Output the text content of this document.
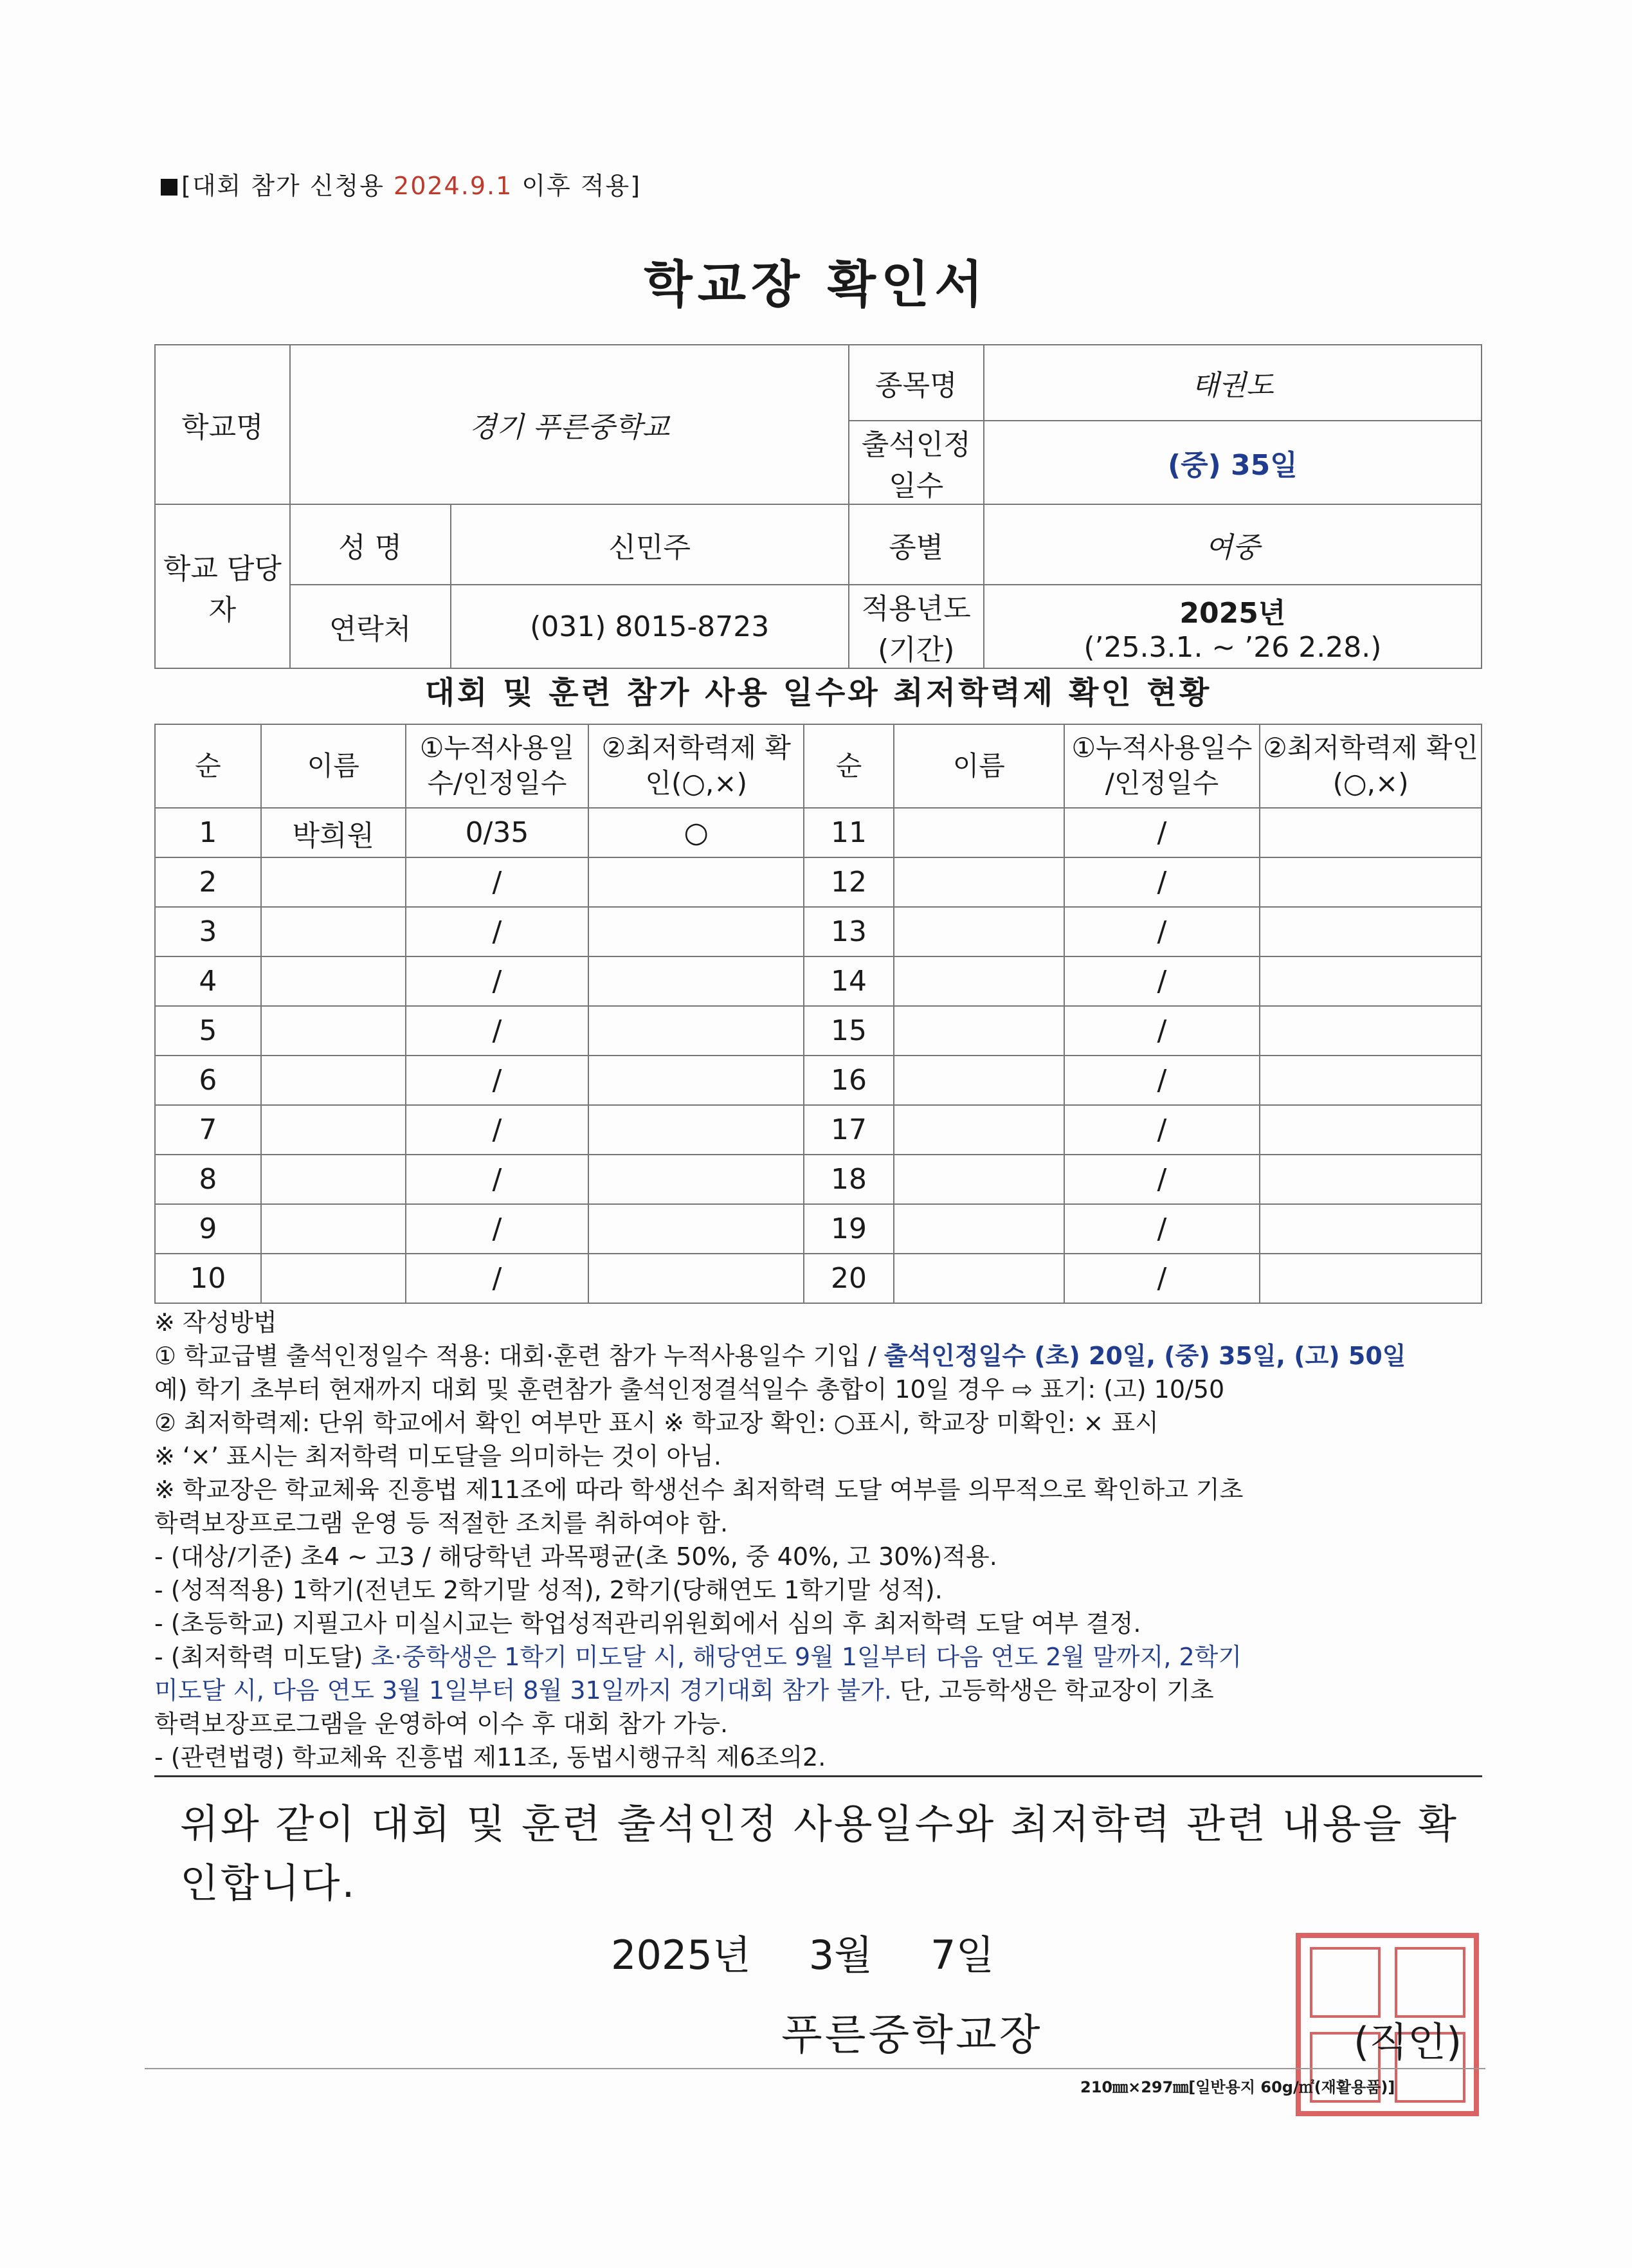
[대회 참가 신청용 2024.9.1 이후 적용]
학교장 확인서
학교명	경기 푸른중학교		종목명	태권도
			출석인정 일수	(중) 35일
학교 담당자	성 명	신민주	종별	여중
	연락처	(031) 8015-8723	적용년도 (기간)	2025년
(’25.3.1. ~ ’26 2.28.)
대회 및 훈련 참가 사용 일수와 최저학력제 확인 현황
순	이름	①누적사용일 수/인정일수	②최저학력제 확인(○,×)	순	이름	①누적사용일수 /인정일수	②최저학력제 확인(○,×)
1	박희원	0/35	○	11		/	
2		/		12		/	
3		/		13		/	
4		/		14		/	
5		/		15		/	
6		/		16		/	
7		/		17		/	
8		/		18		/	
9		/		19		/	
10		/		20		/	
※ 작성방법
① 학교급별 출석인정일수 적용: 대회·훈련 참가 누적사용일수 기입 / 출석인정일수 (초) 20일, (중) 35일, (고) 50일
예) 학기 초부터 현재까지 대회 및 훈련참가 출석인정결석일수 총합이 10일 경우 ⇨ 표기: (고) 10/50
② 최저학력제: 단위 학교에서 확인 여부만 표시 ※ 학교장 확인: ○표시, 학교장 미확인: × 표시
※ ‘×’ 표시는 최저학력 미도달을 의미하는 것이 아님.
※ 학교장은 학교체육 진흥법 제11조에 따라 학생선수 최저학력 도달 여부를 의무적으로 확인하고 기초
학력보장프로그램 운영 등 적절한 조치를 취하여야 함.
- (대상/기준) 초4 ~ 고3 / 해당학년 과목평균(초 50%, 중 40%, 고 30%)적용.
- (성적적용) 1학기(전년도 2학기말 성적), 2학기(당해연도 1학기말 성적).
- (초등학교) 지필고사 미실시교는 학업성적관리위원회에서 심의 후 최저학력 도달 여부 결정.
- (최저학력 미도달) 초·중학생은 1학기 미도달 시, 해당연도 9월 1일부터 다음 연도 2월 말까지, 2학기
미도달 시, 다음 연도 3월 1일부터 8월 31일까지 경기대회 참가 불가. 단, 고등학생은 학교장이 기초
학력보장프로그램을 운영하여 이수 후 대회 참가 가능.
- (관련법령) 학교체육 진흥법 제11조, 동법시행규칙 제6조의2.
위와 같이 대회 및 훈련 출석인정 사용일수와 최저학력 관련 내용을 확인합니다.
2025년 3월 7일
푸른중학교장	(직인)
210㎜×297㎜[일반용지 60g/㎡(재활용품)]
